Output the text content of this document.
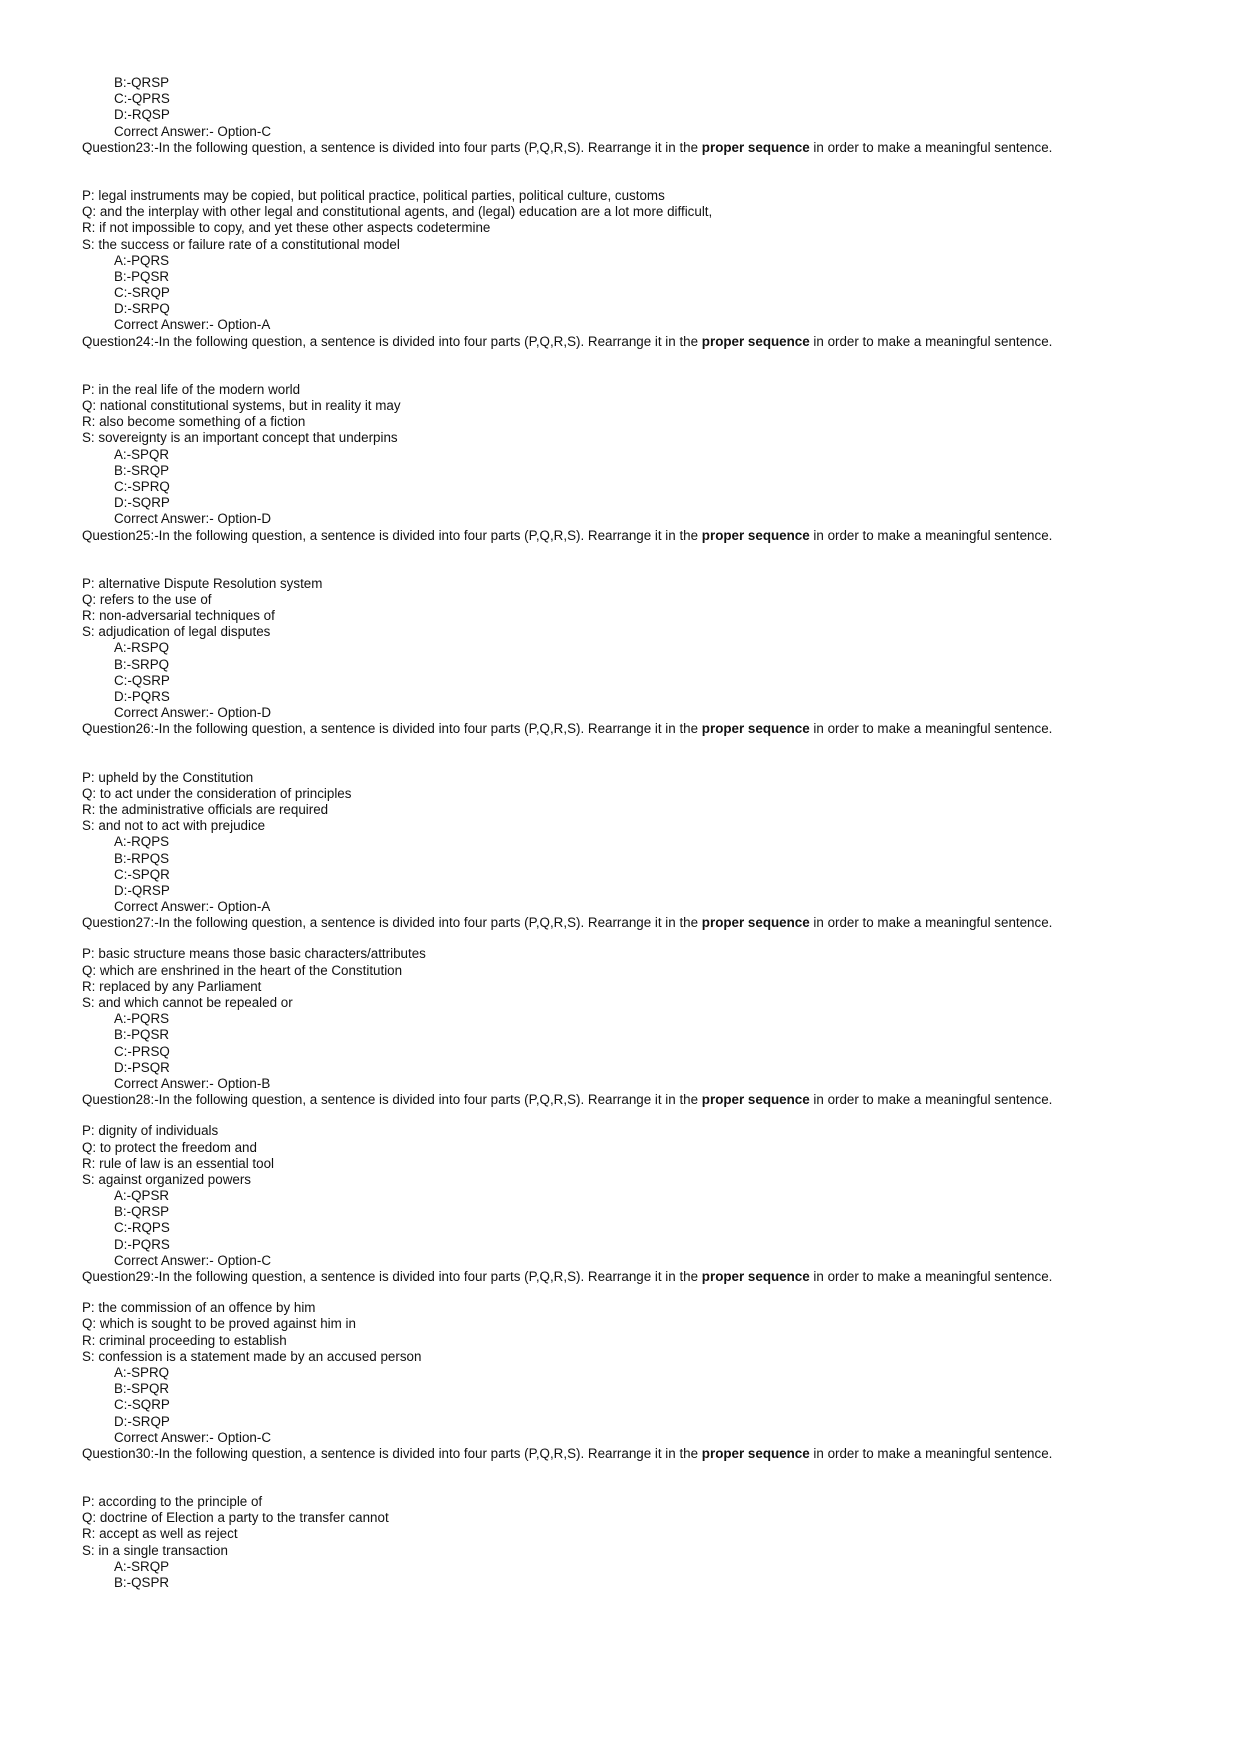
B:-QRSP
C:-QPRS
D:-RQSP
Correct Answer:- Option-C
Question23:-In the following question, a sentence is divided into four parts (P,Q,R,S). Rearrange it in the proper sequence in order to make a meaningful sentence.
P: legal instruments may be copied, but political practice, political parties, political culture, customs
Q: and the interplay with other legal and constitutional agents, and (legal) education are a lot more difficult,
R: if not impossible to copy, and yet these other aspects codetermine
S: the success or failure rate of a constitutional model
A:-PQRS
B:-PQSR
C:-SRQP
D:-SRPQ
Correct Answer:- Option-A
Question24:-In the following question, a sentence is divided into four parts (P,Q,R,S). Rearrange it in the proper sequence in order to make a meaningful sentence.
P: in the real life of the modern world
Q: national constitutional systems, but in reality it may
R: also become something of a fiction
S: sovereignty is an important concept that underpins
A:-SPQR
B:-SRQP
C:-SPRQ
D:-SQRP
Correct Answer:- Option-D
Question25:-In the following question, a sentence is divided into four parts (P,Q,R,S). Rearrange it in the proper sequence in order to make a meaningful sentence.
P: alternative Dispute Resolution system
Q: refers to the use of
R: non-adversarial techniques of
S: adjudication of legal disputes
A:-RSPQ
B:-SRPQ
C:-QSRP
D:-PQRS
Correct Answer:- Option-D
Question26:-In the following question, a sentence is divided into four parts (P,Q,R,S). Rearrange it in the proper sequence in order to make a meaningful sentence.
P: upheld by the Constitution
Q: to act under the consideration of principles
R: the administrative officials are required
S: and not to act with prejudice
A:-RQPS
B:-RPQS
C:-SPQR
D:-QRSP
Correct Answer:- Option-A
Question27:-In the following question, a sentence is divided into four parts (P,Q,R,S). Rearrange it in the proper sequence in order to make a meaningful sentence.
P: basic structure means those basic characters/attributes
Q: which are enshrined in the heart of the Constitution
R: replaced by any Parliament
S: and which cannot be repealed or
A:-PQRS
B:-PQSR
C:-PRSQ
D:-PSQR
Correct Answer:- Option-B
Question28:-In the following question, a sentence is divided into four parts (P,Q,R,S). Rearrange it in the proper sequence in order to make a meaningful sentence.
P: dignity of individuals
Q: to protect the freedom and
R: rule of law is an essential tool
S: against organized powers
A:-QPSR
B:-QRSP
C:-RQPS
D:-PQRS
Correct Answer:- Option-C
Question29:-In the following question, a sentence is divided into four parts (P,Q,R,S). Rearrange it in the proper sequence in order to make a meaningful sentence.
P: the commission of an offence by him
Q: which is sought to be proved against him in
R: criminal proceeding to establish
S: confession is a statement made by an accused person
A:-SPRQ
B:-SPQR
C:-SQRP
D:-SRQP
Correct Answer:- Option-C
Question30:-In the following question, a sentence is divided into four parts (P,Q,R,S). Rearrange it in the proper sequence in order to make a meaningful sentence.
P: according to the principle of
Q: doctrine of Election a party to the transfer cannot
R: accept as well as reject
S: in a single transaction
A:-SRQP
B:-QSPR
